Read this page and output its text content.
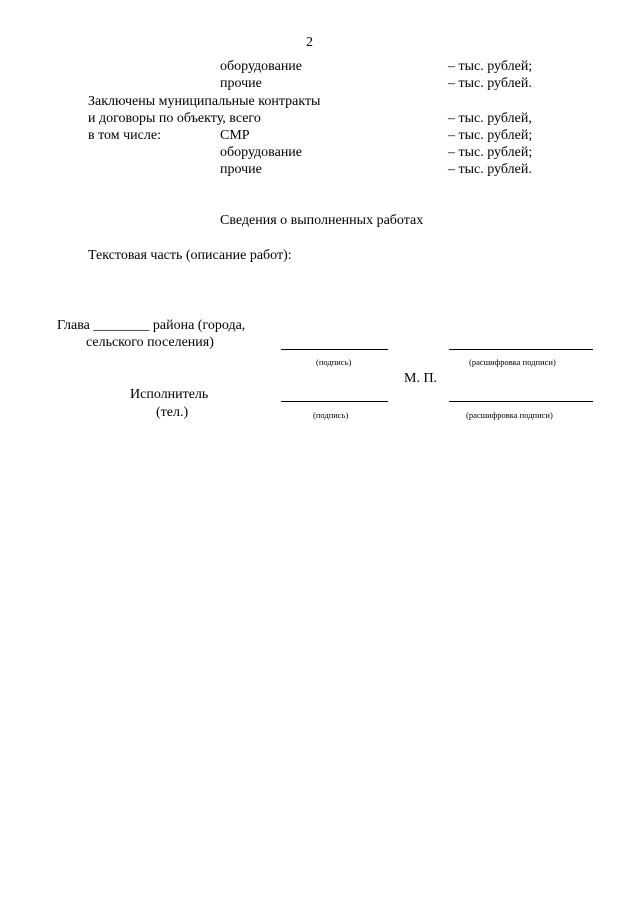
2
оборудование	– тыс. рублей;
прочие	– тыс. рублей.
Заключены муниципальные контракты
и договоры по объекту, всего	– тыс. рублей,
в том числе:	СМР	– тыс. рублей;
оборудование	– тыс. рублей;
прочие	– тыс. рублей.
Сведения о выполненных работах
Текстовая часть (описание работ):
Глава ________ района (города,
сельского поселения)
(подпись)	(расшифровка подписи)
М. П.
Исполнитель
(тел.)	(подпись)	(расшифровка подписи)
